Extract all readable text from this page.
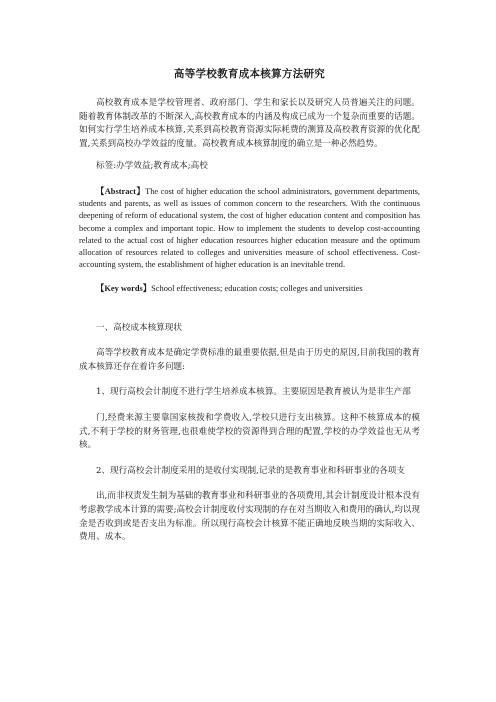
高等学校教育成本核算方法研究

高校教育成本是学校管理者、政府部门、学生和家长以及研究人员普遍关注的问题。随着教育体制改革的不断深入,高校教育成本的内涵及构成已成为一个复杂而重要的话题。如何实行学生培养成本核算,关系到高校教育资源实际耗费的测算及高校教育资源的优化配置,关系到高校办学效益的度量。高校教育成本核算制度的确立是一种必然趋势。

标签:办学效益;教育成本;高校

【Abstract】The cost of higher education the school administrators, government departments, students and parents, as well as issues of common concern to the researchers. With the continuous deepening of reform of educational system, the cost of higher education content and composition has become a complex and important topic. How to implement the students to develop cost-accounting related to the actual cost of higher education resources higher education measure and the optimum allocation of resources related to colleges and universities measure of school effectiveness. Cost-accounting system, the establishment of higher education is an inevitable trend.

【Key words】School effectiveness; education costs; colleges and universities

一、高校成本核算现状

高等学校教育成本是确定学费标准的最重要依据,但是由于历史的原因,目前我国的教育成本核算还存在着许多问题:

1、现行高校会计制度不进行学生培养成本核算。主要原因是教育被认为是非生产部

门,经费来源主要靠国家核拨和学费收入,学校只进行支出核算。这种不核算成本的模式,不利于学校的财务管理,也很难使学校的资源得到合理的配置,学校的办学效益也无从考核。

2、现行高校会计制度采用的是收付实现制,记录的是教育事业和科研事业的各项支

出,而非权责发生制为基础的教育事业和科研事业的各项费用,其会计制度设计根本没有考虑教学成本计算的需要;高校会计制度收付实现制的存在对当期收入和费用的确认,均以现金是否收到或是否支出为标准。所以现行高校会计核算不能正确地反映当期的实际收入、费用、成本。
